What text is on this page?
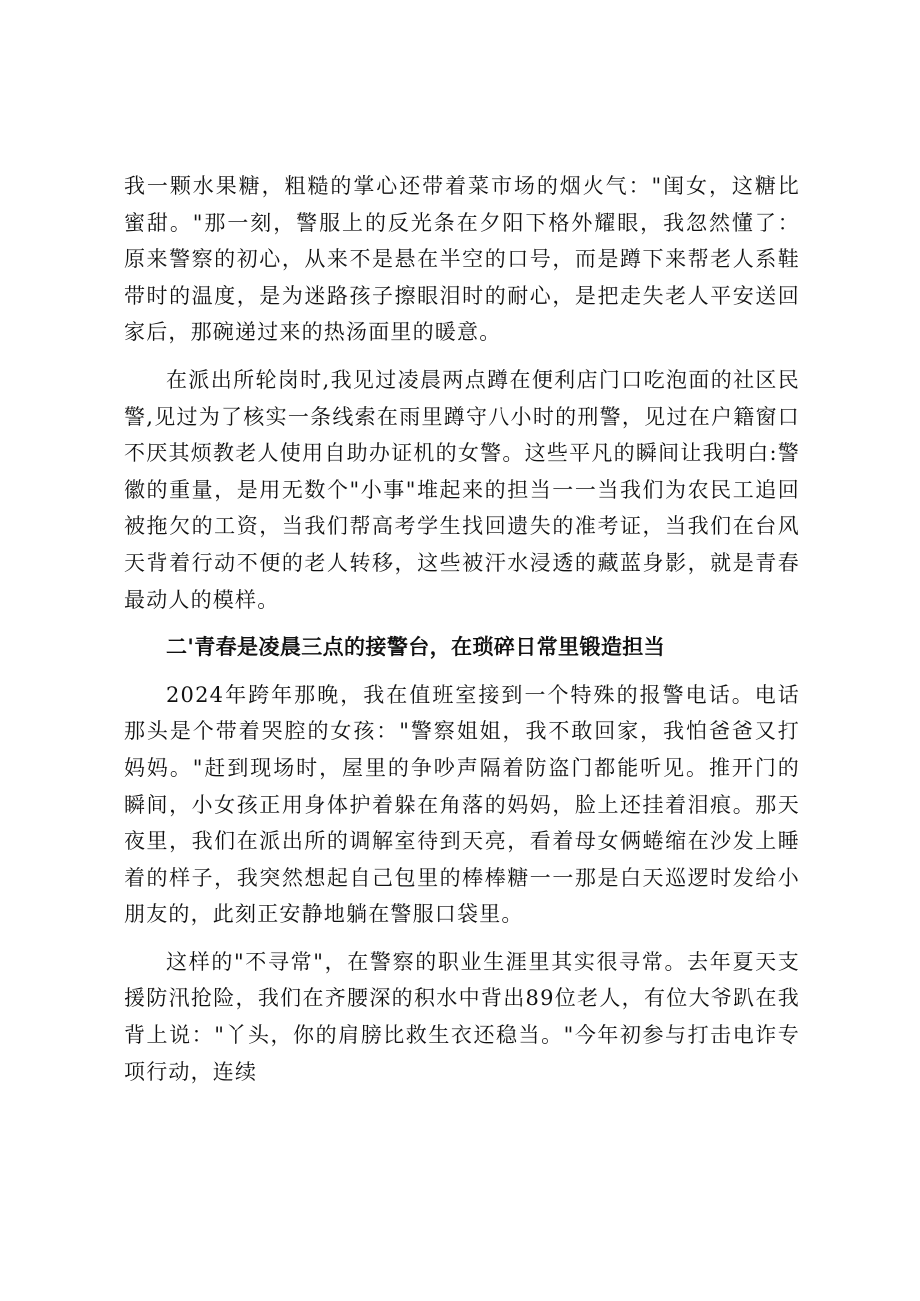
我一颗水果糖，粗糙的掌心还带着菜市场的烟火气："闺女，这糖比蜜甜。"那一刻，警服上的反光条在夕阳下格外耀眼，我忽然懂了：原来警察的初心，从来不是悬在半空的口号，而是蹲下来帮老人系鞋带时的温度，是为迷路孩子擦眼泪时的耐心，是把走失老人平安送回家后，那碗递过来的热汤面里的暖意。

在派出所轮岗时,我见过凌晨两点蹲在便利店门口吃泡面的社区民警,见过为了核实一条线索在雨里蹲守八小时的刑警，见过在户籍窗口不厌其烦教老人使用自助办证机的女警。这些平凡的瞬间让我明白:警徽的重量，是用无数个"小事"堆起来的担当一一当我们为农民工追回被拖欠的工资，当我们帮高考学生找回遗失的准考证，当我们在台风天背着行动不便的老人转移，这些被汗水浸透的藏蓝身影，就是青春最动人的模样。

二'青春是凌晨三点的接警台，在琐碎日常里锻造担当

2024年跨年那晚，我在值班室接到一个特殊的报警电话。电话那头是个带着哭腔的女孩："警察姐姐，我不敢回家，我怕爸爸又打妈妈。"赶到现场时，屋里的争吵声隔着防盗门都能听见。推开门的瞬间，小女孩正用身体护着躲在角落的妈妈，脸上还挂着泪痕。那天夜里，我们在派出所的调解室待到天亮，看着母女俩蜷缩在沙发上睡着的样子，我突然想起自己包里的棒棒糖一一那是白天巡逻时发给小朋友的，此刻正安静地躺在警服口袋里。

这样的"不寻常"，在警察的职业生涯里其实很寻常。去年夏天支援防汛抢险，我们在齐腰深的积水中背出89位老人，有位大爷趴在我背上说："丫头，你的肩膀比救生衣还稳当。"今年初参与打击电诈专项行动，连续
